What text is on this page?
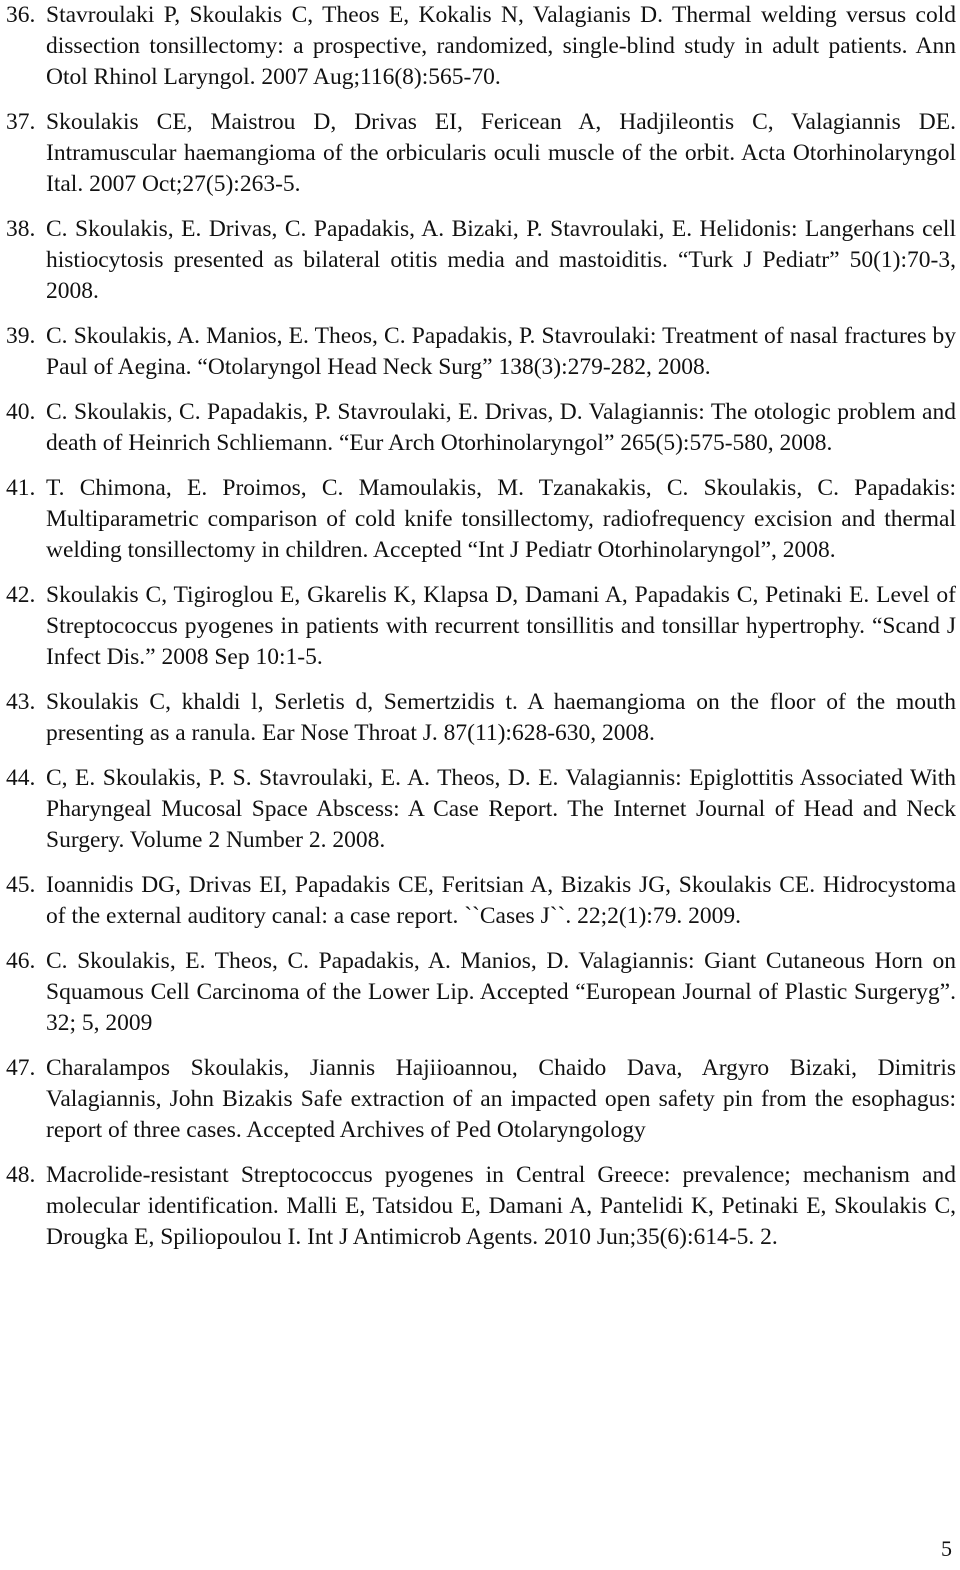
36. Stavroulaki P, Skoulakis C, Theos E, Kokalis N, Valagianis D. Thermal welding versus cold dissection tonsillectomy: a prospective, randomized, single-blind study in adult patients. Ann Otol Rhinol Laryngol. 2007 Aug;116(8):565-70.
37. Skoulakis CE, Maistrou D, Drivas EI, Fericean A, Hadjileontis C, Valagiannis DE. Intramuscular haemangioma of the orbicularis oculi muscle of the orbit. Acta Otorhinolaryngol Ital. 2007 Oct;27(5):263-5.
38. C. Skoulakis, E. Drivas, C. Papadakis, A. Bizaki, P. Stavroulaki, E. Helidonis: Langerhans cell histiocytosis presented as bilateral otitis media and mastoiditis. “Turk J Pediatr” 50(1):70-3, 2008.
39. C. Skoulakis, A. Manios, E. Theos, C. Papadakis, P. Stavroulaki: Treatment of nasal fractures by Paul of Aegina. “Otolaryngol Head Neck Surg” 138(3):279-282, 2008.
40. C. Skoulakis, C. Papadakis, P. Stavroulaki, E. Drivas, D. Valagiannis: The otologic problem and death of Heinrich Schliemann. “Eur Arch Otorhinolaryngol” 265(5):575-580, 2008.
41. T. Chimona, E. Proimos, C. Mamoulakis, M. Tzanakakis, C. Skoulakis, C. Papadakis: Multiparametric comparison of cold knife tonsillectomy, radiofrequency excision and thermal welding tonsillectomy in children. Accepted “Int J Pediatr Otorhinolaryngol”, 2008.
42. Skoulakis C, Tigiroglou E, Gkarelis K, Klapsa D, Damani A, Papadakis C, Petinaki E. Level of Streptococcus pyogenes in patients with recurrent tonsillitis and tonsillar hypertrophy. “Scand J Infect Dis.” 2008 Sep 10:1-5.
43. Skoulakis C, khaldi l, Serletis d, Semertzidis t. A haemangioma on the floor of the mouth presenting as a ranula. Ear Nose Throat J. 87(11):628-630, 2008.
44. C, E. Skoulakis, P. S. Stavroulaki, E. A. Theos, D. E. Valagiannis: Epiglottitis Associated With Pharyngeal Mucosal Space Abscess: A Case Report. The Internet Journal of Head and Neck Surgery. Volume 2 Number 2. 2008.
45. Ioannidis DG, Drivas EI, Papadakis CE, Feritsian A, Bizakis JG, Skoulakis CE. Hidrocystoma of the external auditory canal: a case report. ``Cases J``. 22;2(1):79. 2009.
46. C. Skoulakis, E. Theos, C. Papadakis, A. Manios, D. Valagiannis: Giant Cutaneous Horn on Squamous Cell Carcinoma of the Lower Lip. Accepted “European Journal of Plastic Surgeryg”. 32; 5, 2009
47. Charalampos Skoulakis, Jiannis Hajiioannou, Chaido Dava, Argyro Bizaki, Dimitris Valagiannis, John Bizakis Safe extraction of an impacted open safety pin from the esophagus: report of three cases. Accepted Archives of Ped Otolaryngology
48. Macrolide-resistant Streptococcus pyogenes in Central Greece: prevalence; mechanism and molecular identification. Malli E, Tatsidou E, Damani A, Pantelidi K, Petinaki E, Skoulakis C, Drougka E, Spiliopoulou I. Int J Antimicrob Agents. 2010 Jun;35(6):614-5. 2.
5
